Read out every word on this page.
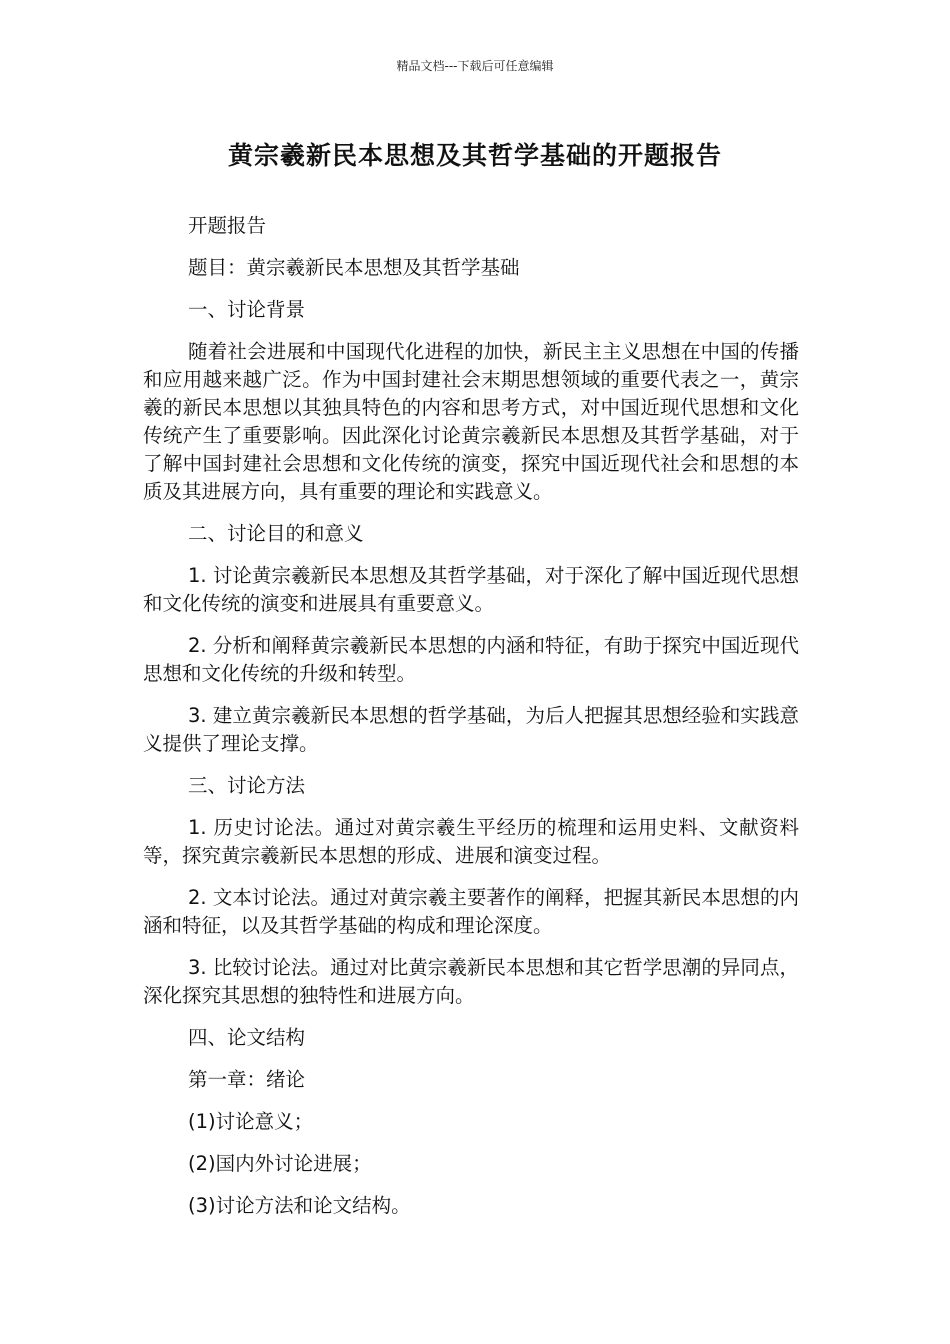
精品文档---下载后可任意编辑
黄宗羲新民本思想及其哲学基础的开题报告

开题报告

题目：黄宗羲新民本思想及其哲学基础

一、讨论背景

随着社会进展和中国现代化进程的加快，新民主主义思想在中国的传播和应用越来越广泛。作为中国封建社会末期思想领域的重要代表之一，黄宗羲的新民本思想以其独具特色的内容和思考方式，对中国近现代思想和文化传统产生了重要影响。因此深化讨论黄宗羲新民本思想及其哲学基础，对于了解中国封建社会思想和文化传统的演变，探究中国近现代社会和思想的本质及其进展方向，具有重要的理论和实践意义。

二、讨论目的和意义

1. 讨论黄宗羲新民本思想及其哲学基础，对于深化了解中国近现代思想和文化传统的演变和进展具有重要意义。

2. 分析和阐释黄宗羲新民本思想的内涵和特征，有助于探究中国近现代思想和文化传统的升级和转型。

3. 建立黄宗羲新民本思想的哲学基础，为后人把握其思想经验和实践意义提供了理论支撑。

三、讨论方法

1. 历史讨论法。通过对黄宗羲生平经历的梳理和运用史料、文献资料等，探究黄宗羲新民本思想的形成、进展和演变过程。

2. 文本讨论法。通过对黄宗羲主要著作的阐释，把握其新民本思想的内涵和特征，以及其哲学基础的构成和理论深度。

3. 比较讨论法。通过对比黄宗羲新民本思想和其它哲学思潮的异同点，深化探究其思想的独特性和进展方向。

四、论文结构

第一章：绪论

(1)讨论意义；

(2)国内外讨论进展；

(3)讨论方法和论文结构。
